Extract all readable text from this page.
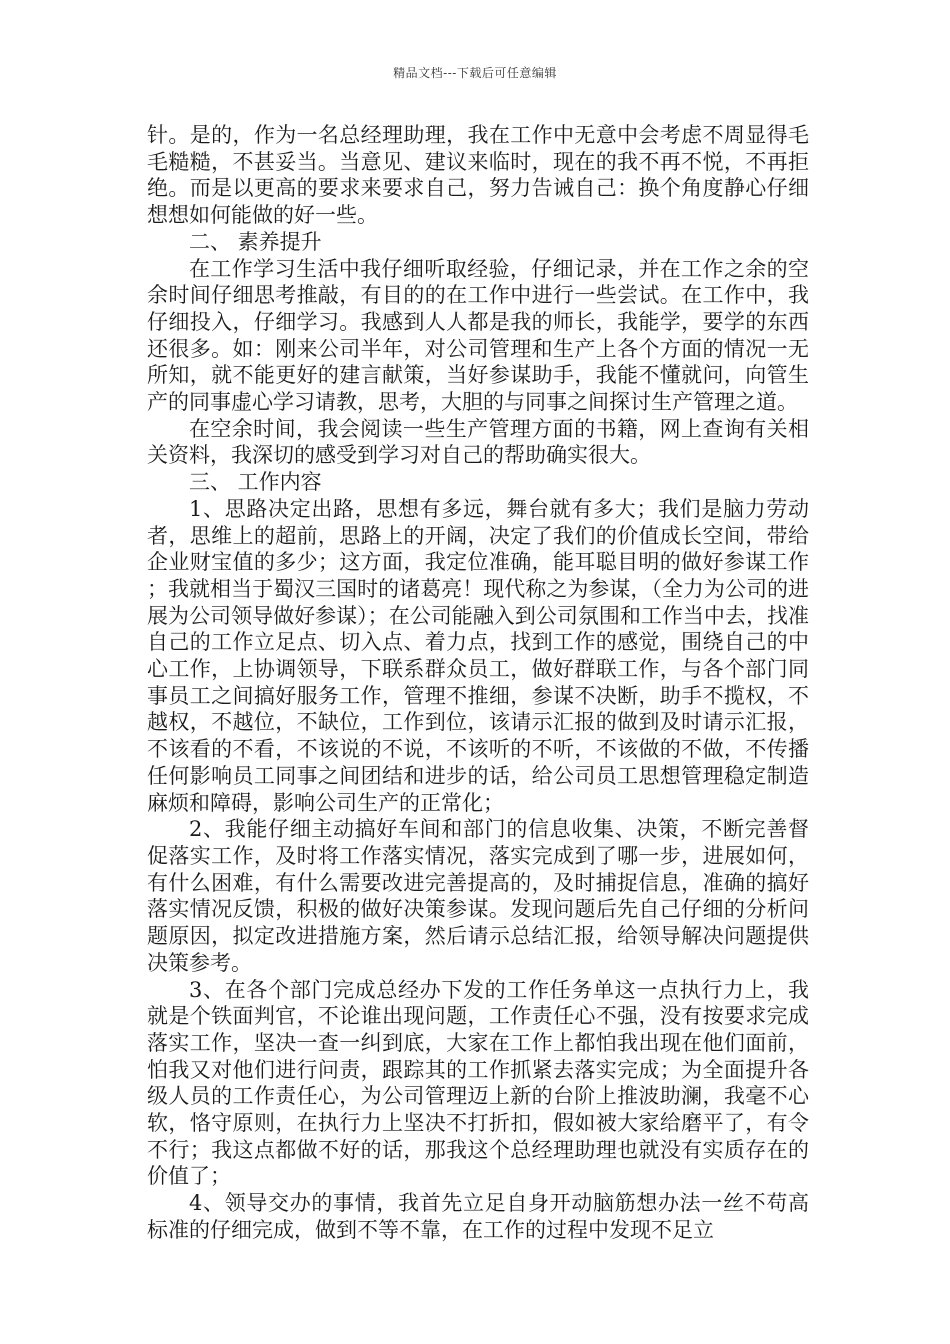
精品文档---下载后可任意编辑

针。是的，作为一名总经理助理，我在工作中无意中会考虑不周显得毛毛糙糙，不甚妥当。当意见、建议来临时，现在的我不再不悦，不再拒绝。而是以更高的要求来要求自己，努力告诫自己：换个角度静心仔细想想如何能做的好一些。

二、 素养提升

在工作学习生活中我仔细听取经验，仔细记录，并在工作之余的空余时间仔细思考推敲，有目的的在工作中进行一些尝试。在工作中，我仔细投入，仔细学习。我感到人人都是我的师长，我能学，要学的东西还很多。如：刚来公司半年，对公司管理和生产上各个方面的情况一无所知，就不能更好的建言献策，当好参谋助手，我能不懂就问，向管生产的同事虚心学习请教，思考，大胆的与同事之间探讨生产管理之道。

在空余时间，我会阅读一些生产管理方面的书籍，网上查询有关相关资料，我深切的感受到学习对自己的帮助确实很大。

三、 工作内容

1、思路决定出路，思想有多远，舞台就有多大；我们是脑力劳动者，思维上的超前，思路上的开阔，决定了我们的价值成长空间，带给企业财宝值的多少；这方面，我定位准确，能耳聪目明的做好参谋工作；我就相当于蜀汉三国时的诸葛亮！现代称之为参谋，（全力为公司的进展为公司领导做好参谋）；在公司能融入到公司氛围和工作当中去，找准自己的工作立足点、切入点、着力点，找到工作的感觉，围绕自己的中心工作，上协调领导，下联系群众员工，做好群联工作，与各个部门同事员工之间搞好服务工作，管理不推细，参谋不决断，助手不揽权，不越权，不越位，不缺位，工作到位，该请示汇报的做到及时请示汇报，不该看的不看，不该说的不说，不该听的不听，不该做的不做，不传播任何影响员工同事之间团结和进步的话，给公司员工思想管理稳定制造麻烦和障碍，影响公司生产的正常化；

2、我能仔细主动搞好车间和部门的信息收集、决策，不断完善督促落实工作，及时将工作落实情况，落实完成到了哪一步，进展如何，有什么困难，有什么需要改进完善提高的，及时捕捉信息，准确的搞好落实情况反馈，积极的做好决策参谋。发现问题后先自己仔细的分析问题原因，拟定改进措施方案，然后请示总结汇报，给领导解决问题提供决策参考。

3、在各个部门完成总经办下发的工作任务单这一点执行力上，我就是个铁面判官，不论谁出现问题，工作责任心不强，没有按要求完成落实工作，坚决一查一纠到底，大家在工作上都怕我出现在他们面前，怕我又对他们进行问责，跟踪其的工作抓紧去落实完成；为全面提升各级人员的工作责任心，为公司管理迈上新的台阶上推波助澜，我毫不心软，恪守原则，在执行力上坚决不打折扣，假如被大家给磨平了，有令不行；我这点都做不好的话，那我这个总经理助理也就没有实质存在的价值了；

4、领导交办的事情，我首先立足自身开动脑筋想办法一丝不苟高标准的仔细完成，做到不等不靠，在工作的过程中发现不足立
